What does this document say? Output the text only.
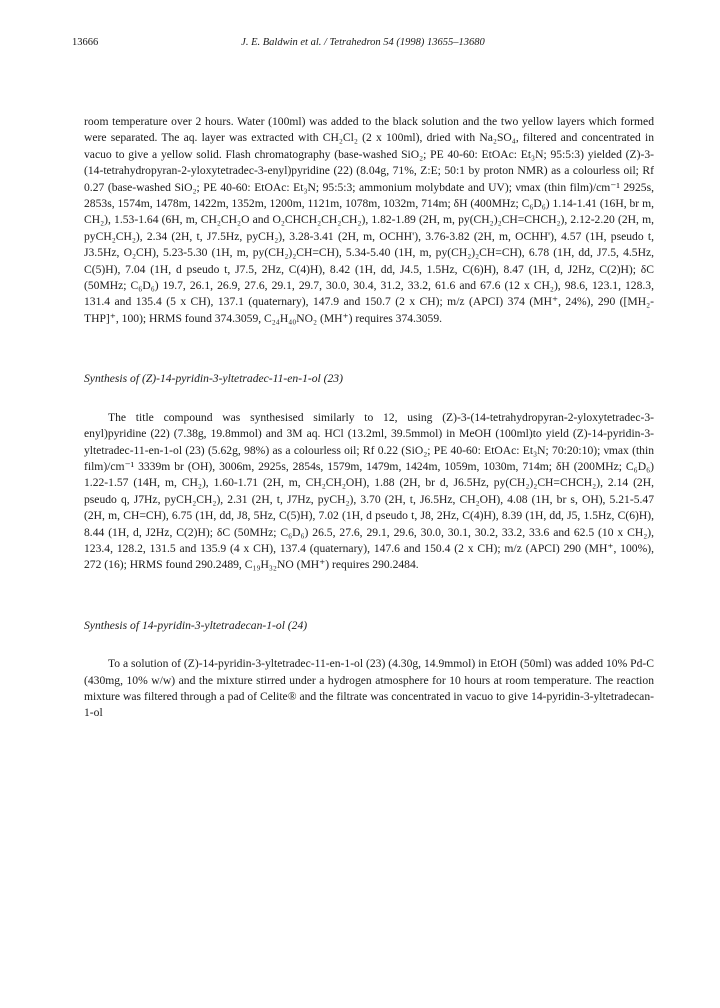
13666	J. E. Baldwin et al. / Tetrahedron 54 (1998) 13655–13680

room temperature over 2 hours. Water (100ml) was added to the black solution and the two yellow layers which formed were separated. The aq. layer was extracted with CH₂Cl₂ (2 x 100ml), dried with Na₂SO₄, filtered and concentrated in vacuo to give a yellow solid. Flash chromatography (base-washed SiO₂; PE 40-60: EtOAc: Et₃N; 95:5:3) yielded (Z)-3-(14-tetrahydropyran-2-yloxytetradec-3-enyl)pyridine (22) (8.04g, 71%, Z:E; 50:1 by proton NMR) as a colourless oil; Rf 0.27 (base-washed SiO₂; PE 40-60: EtOAc: Et₃N; 95:5:3; ammonium molybdate and UV); νmax (thin film)/cm⁻¹ 2925s, 2853s, 1574m, 1478m, 1422m, 1352m, 1200m, 1121m, 1078m, 1032m, 714m; δH (400MHz; C₆D₆) 1.14-1.41 (16H, br m, CH₂), 1.53-1.64 (6H, m, CH₂CH₂O and O₂CHCH₂CH₂CH₂), 1.82-1.89 (2H, m, py(CH₂)₂CH=CHCH₂), 2.12-2.20 (2H, m, pyCH₂CH₂), 2.34 (2H, t, J7.5Hz, pyCH₂), 3.28-3.41 (2H, m, OCHH'), 3.76-3.82 (2H, m, OCHH'), 4.57 (1H, pseudo t, J3.5Hz, O₂CH), 5.23-5.30 (1H, m, py(CH₂)₂CH=CH), 5.34-5.40 (1H, m, py(CH₂)₂CH=CH), 6.78 (1H, dd, J7.5, 4.5Hz, C(5)H), 7.04 (1H, d pseudo t, J7.5, 2Hz, C(4)H), 8.42 (1H, dd, J4.5, 1.5Hz, C(6)H), 8.47 (1H, d, J2Hz, C(2)H); δC (50MHz; C₆D₆) 19.7, 26.1, 26.9, 27.6, 29.1, 29.7, 30.0, 30.4, 31.2, 33.2, 61.6 and 67.6 (12 x CH₂), 98.6, 123.1, 128.3, 131.4 and 135.4 (5 x CH), 137.1 (quaternary), 147.9 and 150.7 (2 x CH); m/z (APCI) 374 (MH⁺, 24%), 290 ([MH₂-THP]⁺, 100); HRMS found 374.3059, C₂₄H₄₀NO₂ (MH⁺) requires 374.3059.

Synthesis of (Z)-14-pyridin-3-yltetradec-11-en-1-ol (23)

The title compound was synthesised similarly to 12, using (Z)-3-(14-tetrahydropyran-2-yloxytetradec-3-enyl)pyridine (22) (7.38g, 19.8mmol) and 3M aq. HCl (13.2ml, 39.5mmol) in MeOH (100ml)to yield (Z)-14-pyridin-3-yltetradec-11-en-1-ol (23) (5.62g, 98%) as a colourless oil; Rf 0.22 (SiO₂; PE 40-60: EtOAc: Et₃N; 70:20:10); νmax (thin film)/cm⁻¹ 3339m br (OH), 3006m, 2925s, 2854s, 1579m, 1479m, 1424m, 1059m, 1030m, 714m; δH (200MHz; C₆D₆) 1.22-1.57 (14H, m, CH₂), 1.60-1.71 (2H, m, CH₂CH₂OH), 1.88 (2H, br d, J6.5Hz, py(CH₂)₂CH=CHCH₂), 2.14 (2H, pseudo q, J7Hz, pyCH₂CH₂), 2.31 (2H, t, J7Hz, pyCH₂), 3.70 (2H, t, J6.5Hz, CH₂OH), 4.08 (1H, br s, OH), 5.21-5.47 (2H, m, CH=CH), 6.75 (1H, dd, J8, 5Hz, C(5)H), 7.02 (1H, d pseudo t, J8, 2Hz, C(4)H), 8.39 (1H, dd, J5, 1.5Hz, C(6)H), 8.44 (1H, d, J2Hz, C(2)H); δC (50MHz; C₆D₆) 26.5, 27.6, 29.1, 29.6, 30.0, 30.1, 30.2, 33.2, 33.6 and 62.5 (10 x CH₂), 123.4, 128.2, 131.5 and 135.9 (4 x CH), 137.4 (quaternary), 147.6 and 150.4 (2 x CH); m/z (APCI) 290 (MH⁺, 100%), 272 (16); HRMS found 290.2489, C₁₉H₃₂NO (MH⁺) requires 290.2484.

Synthesis of 14-pyridin-3-yltetradecan-1-ol (24)

To a solution of (Z)-14-pyridin-3-yltetradec-11-en-1-ol (23) (4.30g, 14.9mmol) in EtOH (50ml) was added 10% Pd-C (430mg, 10% w/w) and the mixture stirred under a hydrogen atmosphere for 10 hours at room temperature. The reaction mixture was filtered through a pad of Celite® and the filtrate was concentrated in vacuo to give 14-pyridin-3-yltetradecan-1-ol
